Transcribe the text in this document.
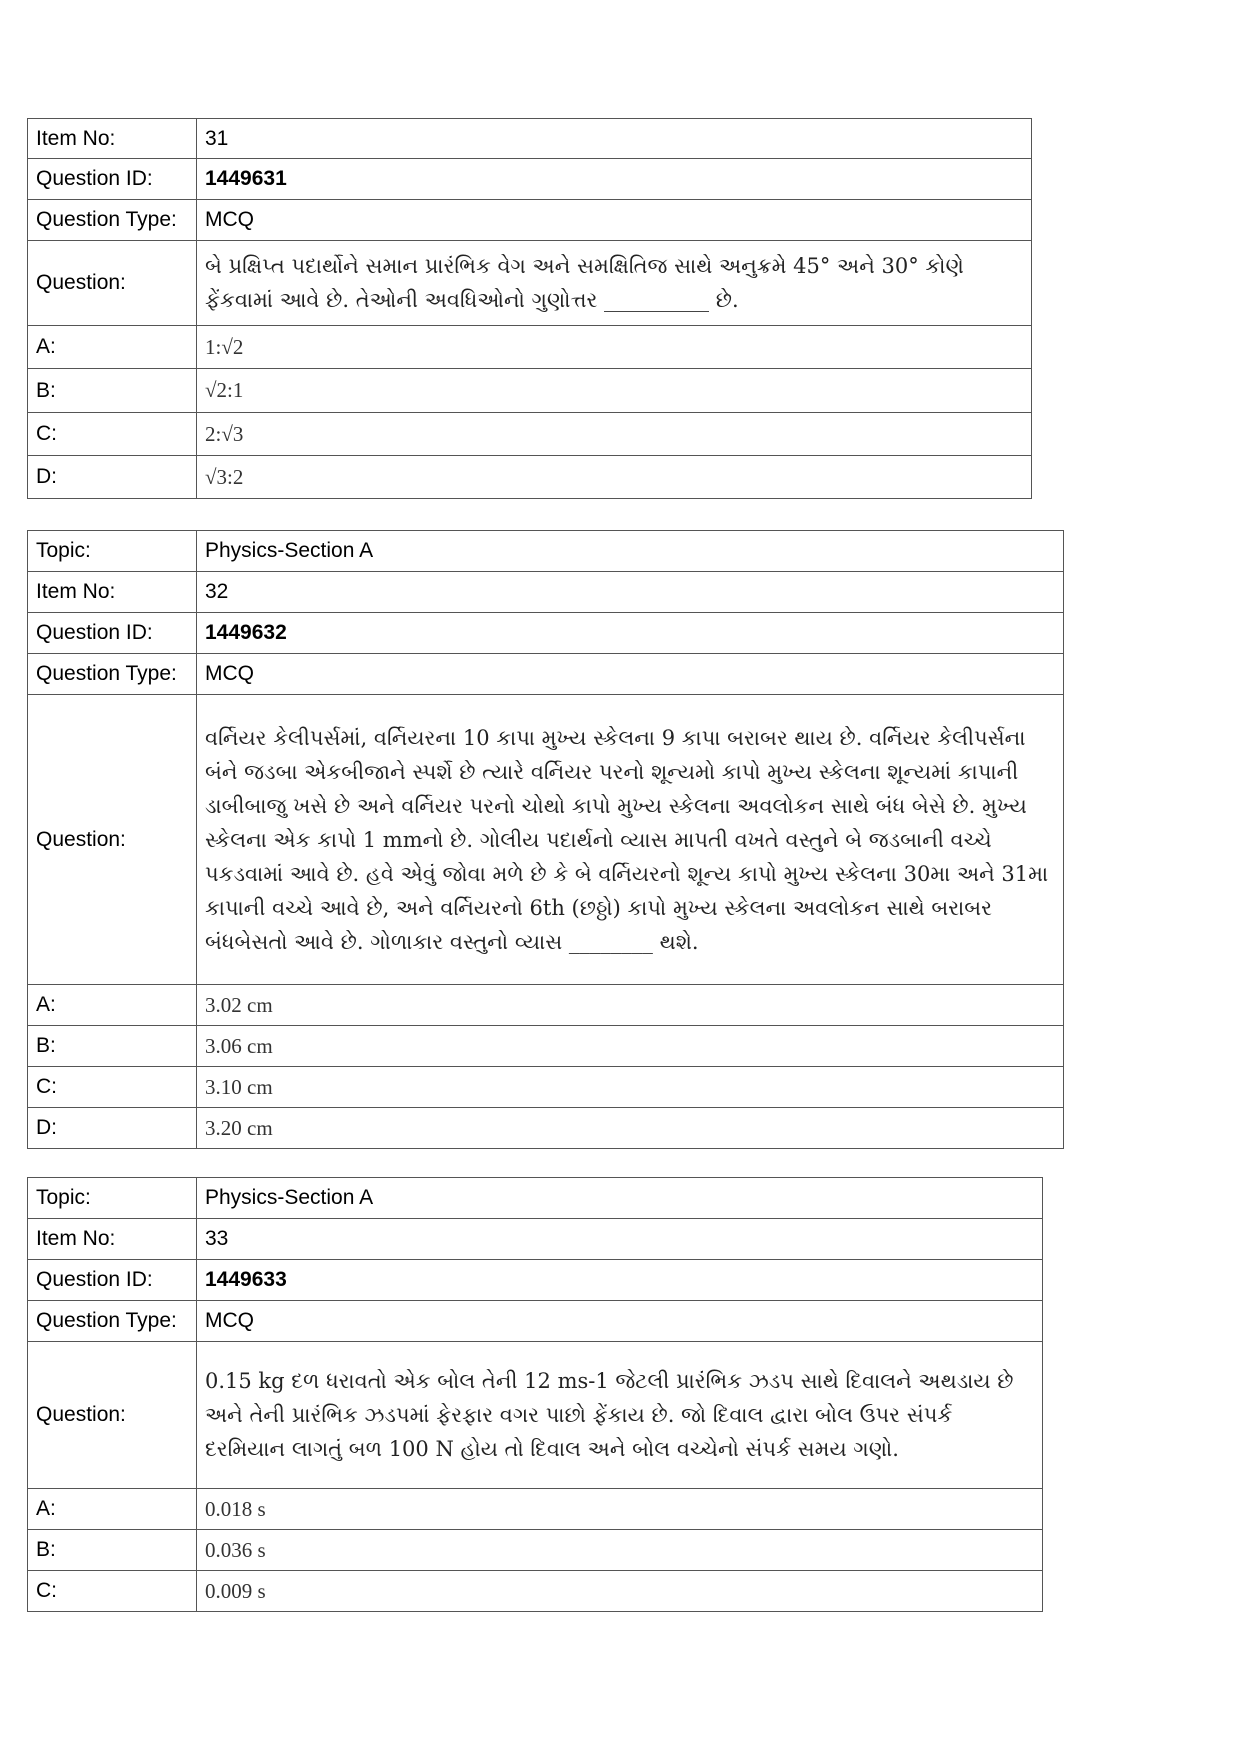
Item No:	31
Question ID:	1449631
Question Type:	MCQ
Question:	બે પ્રક્ષિપ્ત પદાર્થોને સમાન પ્રારંભિક વેગ અને સમક્ષિતિજ સાથે અનુક્રમે 45° અને 30° કોણે ફેંકવામાં આવે છે. તેઓની અવધિઓનો ગુણોત્તર __________ છે.
A:	1:√2
B:	√2:1
C:	2:√3
D:	√3:2
Topic:	Physics-Section A
Item No:	32
Question ID:	1449632
Question Type:	MCQ
Question:	વર્નિયર કેલીપર્સમાં, વર્નિયરના 10 કાપા મુખ્ય સ્કેલના 9 કાપા બરાબર થાય છે. વર્નિયર કેલીપર્સના બંને જડબા એકબીજાને સ્પર્શે છે ત્યારે વર્નિયર પરનો શૂન્યમો કાપો મુખ્ય સ્કેલના શૂન્યમાં કાપાની ડાબીબાજુ ખસે છે અને વર્નિયર પરનો ચોથો કાપો મુખ્ય સ્કેલના અવલોકન સાથે બંધ બેસે છે. મુખ્ય સ્કેલના એક કાપો 1 mmનો છે. ગોલીય પદાર્થનો વ્યાસ માપતી વખતે વસ્તુને બે જડબાની વચ્ચે પકડવામાં આવે છે. હવે એવું જોવા મળે છે કે બે વર્નિયરનો શૂન્ય કાપો મુખ્ય સ્કેલના 30મા અને 31મા કાપાની વચ્ચે આવે છે, અને વર્નિયરનો 6th (છઠ્ઠો) કાપો મુખ્ય સ્કેલના અવલોકન સાથે બરાબર બંધબેસતો આવે છે. ગોળાકાર વસ્તુનો વ્યાસ ________ થશે.
A:	3.02 cm
B:	3.06 cm
C:	3.10 cm
D:	3.20 cm
Topic:	Physics-Section A
Item No:	33
Question ID:	1449633
Question Type:	MCQ
Question:	0.15 kg દળ ધરાવતો એક બોલ તેની 12 ms-1 જેટલી પ્રારંભિક ઝડપ સાથે દિવાલને અથડાય છે અને તેની પ્રારંભિક ઝડપમાં ફેરફાર વગર પાછો ફેંકાય છે. જો દિવાલ દ્વારા બોલ ઉપર સંપર્ક દરમિયાન લાગતું બળ 100 N હોય તો દિવાલ અને બોલ વચ્ચેનો સંપર્ક સમય ગણો.
A:	0.018 s
B:	0.036 s
C:	0.009 s
